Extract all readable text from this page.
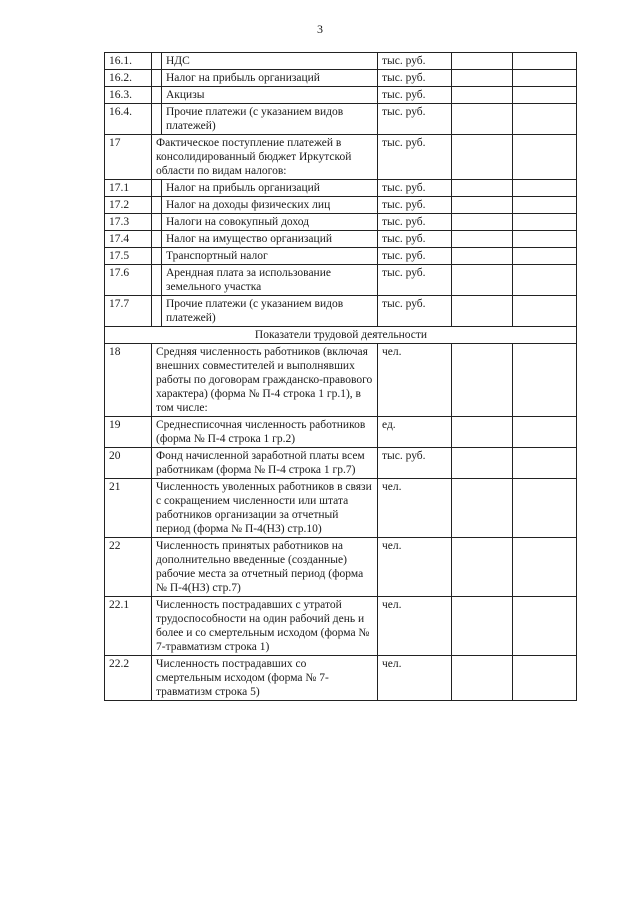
3
16.1.		НДС	тыс. руб.		
16.2.		Налог на прибыль организаций	тыс. руб.		
16.3.		Акцизы	тыс. руб.		
16.4.		Прочие платежи (с указанием видов платежей)	тыс. руб.		
17	Фактическое поступление платежей в консолидированный бюджет Иркутской области по видам налогов:		тыс. руб.		
17.1		Налог на прибыль организаций	тыс. руб.		
17.2		Налог на доходы физических лиц	тыс. руб.		
17.3		Налоги на совокупный доход	тыс. руб.		
17.4		Налог на имущество организаций	тыс. руб.		
17.5		Транспортный налог	тыс. руб.		
17.6		Арендная плата за использование земельного участка	тыс. руб.		
17.7		Прочие платежи (с указанием видов платежей)	тыс. руб.		
Показатели трудовой деятельности					
18	Средняя численность работников (включая внешних совместителей и выполнявших работы по договорам гражданско-правового характера) (форма № П-4 строка 1 гр.1), в том числе:		чел.		
19	Среднесписочная численность работников (форма № П-4 строка 1 гр.2)		ед.		
20	Фонд начисленной заработной платы всем работникам (форма № П-4 строка 1 гр.7)		тыс. руб.		
21	Численность уволенных работников в связи с сокращением численности или штата работников организации за отчетный период (форма № П-4(НЗ) стр.10)		чел.		
22	Численность принятых работников на дополнительно введенные (созданные) рабочие места за отчетный период (форма № П-4(НЗ) стр.7)		чел.		
22.1	Численность пострадавших с утратой трудоспособности на один рабочий день и более и со смертельным исходом (форма № 7-травматизм строка 1)		чел.		
22.2	Численность пострадавших со смертельным исходом (форма № 7-травматизм строка 5)		чел.		
